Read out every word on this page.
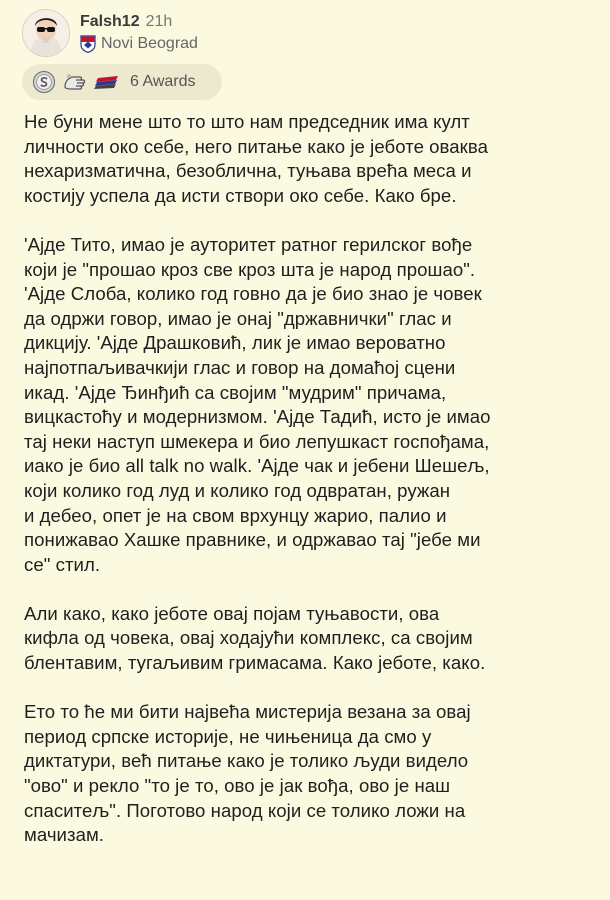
Falsh12 21h
Novi Beograd
6 Awards

Не буни мене што то што нам председник има култ
личности око себе, него питање како је јеботе оваква
нехаризматична, безоблична, туњава врећа меса и
костију успела да исти створи око себе. Како бре.

'Ајде Тито, имао је ауторитет ратног герилског вође
који је "прошао кроз све кроз шта је народ прошао".
'Ајде Слоба, колико год говно да је био знао је човек
да одржи говор, имао је онај "државнички" глас и
дикцију. 'Ајде Драшковић, лик је имао вероватно
најпотпаљивачкији глас и говор на домаћој сцени
икад. 'Ајде Ђинђић са својим "мудрим" причама,
вицкастоћу и модернизмом. 'Ајде Тадић, исто је имао
тај неки наступ шмекера и био лепушкаст госпођама,
иако је био all talk no walk. 'Ајде чак и јебени Шешељ,
који колико год луд и колико год одвратан, ружан
и дебео, опет је на свом врхунцу жарио, палио и
понижавао Хашке правнике, и одржавао тај "јебе ми
се" стил.

Али како, како јеботе овај појам туњавости, ова
кифла од човека, овај ходајући комплекс, са својим
блентавим, тугаљивим гримасама. Како јеботе, како.

Ето то ће ми бити највећа мистерија везана за овај
период српске историје, не чињеница да смо у
диктатури, већ питање како је толико људи видело
"ово" и рекло "то је то, ово је јак вођа, ово је наш
спаситељ". Поготово народ који се толико ложи на
мачизам.
